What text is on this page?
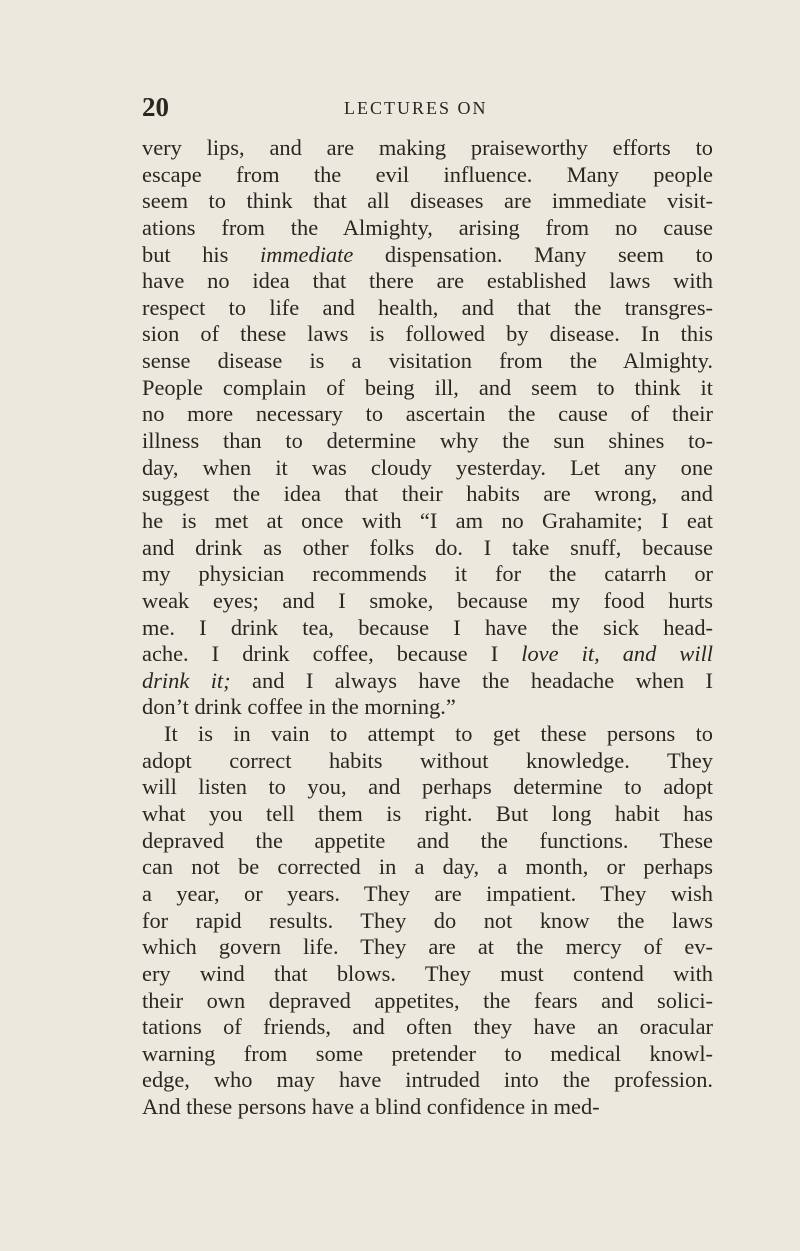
20	LECTURES ON
very lips, and are making praiseworthy efforts to
escape from the evil influence. Many people
seem to think that all diseases are immediate visit-
ations from the Almighty, arising from no cause
but his immediate dispensation. Many seem to
have no idea that there are established laws with
respect to life and health, and that the transgres-
sion of these laws is followed by disease. In this
sense disease is a visitation from the Almighty.
People complain of being ill, and seem to think it
no more necessary to ascertain the cause of their
illness than to determine why the sun shines to-
day, when it was cloudy yesterday. Let any one
suggest the idea that their habits are wrong, and
he is met at once with “I am no Grahamite; I eat
and drink as other folks do. I take snuff, because
my physician recommends it for the catarrh or
weak eyes; and I smoke, because my food hurts
me. I drink tea, because I have the sick head-
ache. I drink coffee, because I love it, and will
drink it; and I always have the headache when I
don’t drink coffee in the morning.”
It is in vain to attempt to get these persons to
adopt correct habits without knowledge. They
will listen to you, and perhaps determine to adopt
what you tell them is right. But long habit has
depraved the appetite and the functions. These
can not be corrected in a day, a month, or perhaps
a year, or years. They are impatient. They wish
for rapid results. They do not know the laws
which govern life. They are at the mercy of ev-
ery wind that blows. They must contend with
their own depraved appetites, the fears and solici-
tations of friends, and often they have an oracular
warning from some pretender to medical knowl-
edge, who may have intruded into the profession.
And these persons have a blind confidence in med-
